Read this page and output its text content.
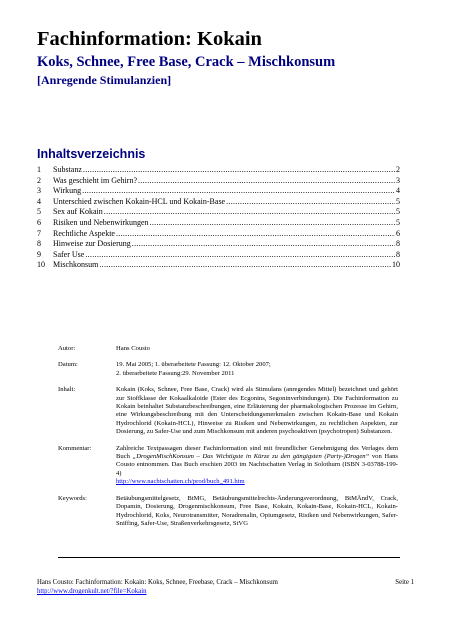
Fachinformation: Kokain
Koks, Schnee, Free Base, Crack – Mischkonsum
[Anregende Stimulanzien]
Inhaltsverzeichnis
1	Substanz .....	2
2	Was geschieht im Gehirn? .....	3
3	Wirkung .....	4
4	Unterschied zwischen Kokain-HCL und Kokain-Base .....	5
5	Sex auf Kokain .....	5
6	Risiken und Nebenwirkungen .....	5
7	Rechtliche Aspekte .....	6
8	Hinweise zur Dosierung .....	8
9	Safer Use .....	8
10	Mischkonsum .....	10
Autor:	Hans Cousto
Datum:	19. Mai 2005; 1. überarbeitete Fassung: 12. Oktober 2007;

2. überarbeitete Fassung:29. November 2011

Inhalt:	Kokain (Koks, Schnee, Free Base, Crack) wird als Stimulans (anregendes Mittel) bezeichnet und gehört zur Stoffklasse der Kokaalkaloide (Ester des Ecgonins, Segoninverbindungen). Die Fachinformation zu Kokain beinhaltet Substanzbeschreibungen, eine Erläuterung der pharmakologischen Prozesse im Gehirn, eine Wirkungsbeschreibung mit den Unterscheidungsmerkmalen zwischen Kokain-Base und Kokain Hydrochlorid (Kokain-HCL), Hinweise zu Risiken und Nebenwirkungen, zu rechtlichen Aspekten, zur Dosierung, zu Safer-Use und zum Mischkonsum mit anderen psychoaktiven (psychotropen) Substanzen.
Kommentar:	Zahlreiche Textpassagen dieser Fachinformation sind mit freundlicher Genehmigung des Verlages dem Buch „DrogenMischKonsum – Das Wichtigste in Kürze zu den gängigsten (Party-)Drogen“ von Hans Cousto entnommen. Das Buch erschien 2003 im Nachtschatten Verlag in Solothurn (ISBN 3-03788-199-4)
http://www.nachtschatten.ch/prod/buch_491.htm
Keywords:	Betäubungsmittelgesetz, BtMG, Betäubungsmittelrechts-Änderungsverordnung, BtMÄndV, Crack, Dopamin, Dosierung, Drogenmischkonsum, Free Base, Kokain, Kokain-Base, Kokain-HCL, Kokain-Hydrochlorid, Koks, Neurotransmitter, Noradrenalin, Opiumgesetz, Risiken und Nebenwirkungen, Safer-Sniffing, Safer-Use, Straßenverkehrsgesetz, StVG
Hans Cousto: Fachinformation: Kokain: Koks, Schnee, Freebase, Crack – Mischkonsum	Seite 1
http://www.drogenkult.net/?file=Kokain
